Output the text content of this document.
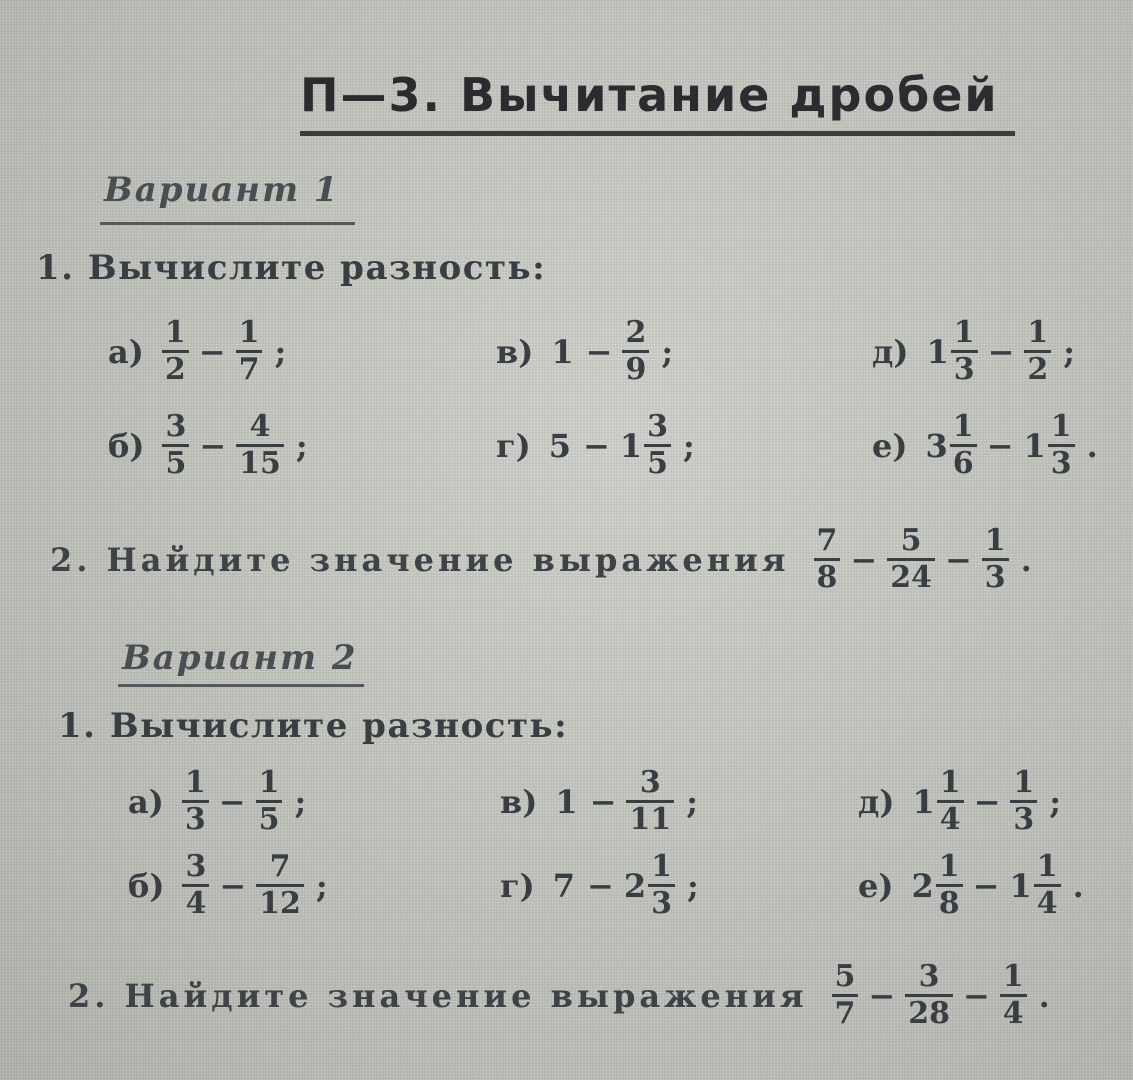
П—3. Вычитание дробей
Вариант 1
1. Вычислите разность:
$а) \frac{1}{2} - \frac{1}{7}$ ;
$б) \frac{3}{5} - \frac{4}{15}$ ;
в) $1 - \frac{2}{9}$ ;
г) $5 - 1 \frac{3}{5}$ ;
д) $1 \frac{1}{3} - \frac{1}{2}$ ;
е) $3 \frac{1}{6} - 1 \frac{1}{3}$ .
2. Найдите значение выражения $\frac{7}{8} - \frac{5}{24} - \frac{1}{3}$ .
Вариант 2
1. Вычислите разность:
$а) \frac{1}{3} - \frac{1}{5}$ ;
$б) \frac{3}{4} - \frac{7}{12}$ ;
в) $1 - \frac{3}{11}$ ;
г) $7 - 2 \frac{1}{3}$ ;
д) $1 \frac{1}{4} - \frac{1}{3}$ ;
е) $2 \frac{1}{8} - 1 \frac{1}{4}$ .
2. Найдите значение выражения $\frac{5}{7} - \frac{3}{28} - \frac{1}{4}$ .
